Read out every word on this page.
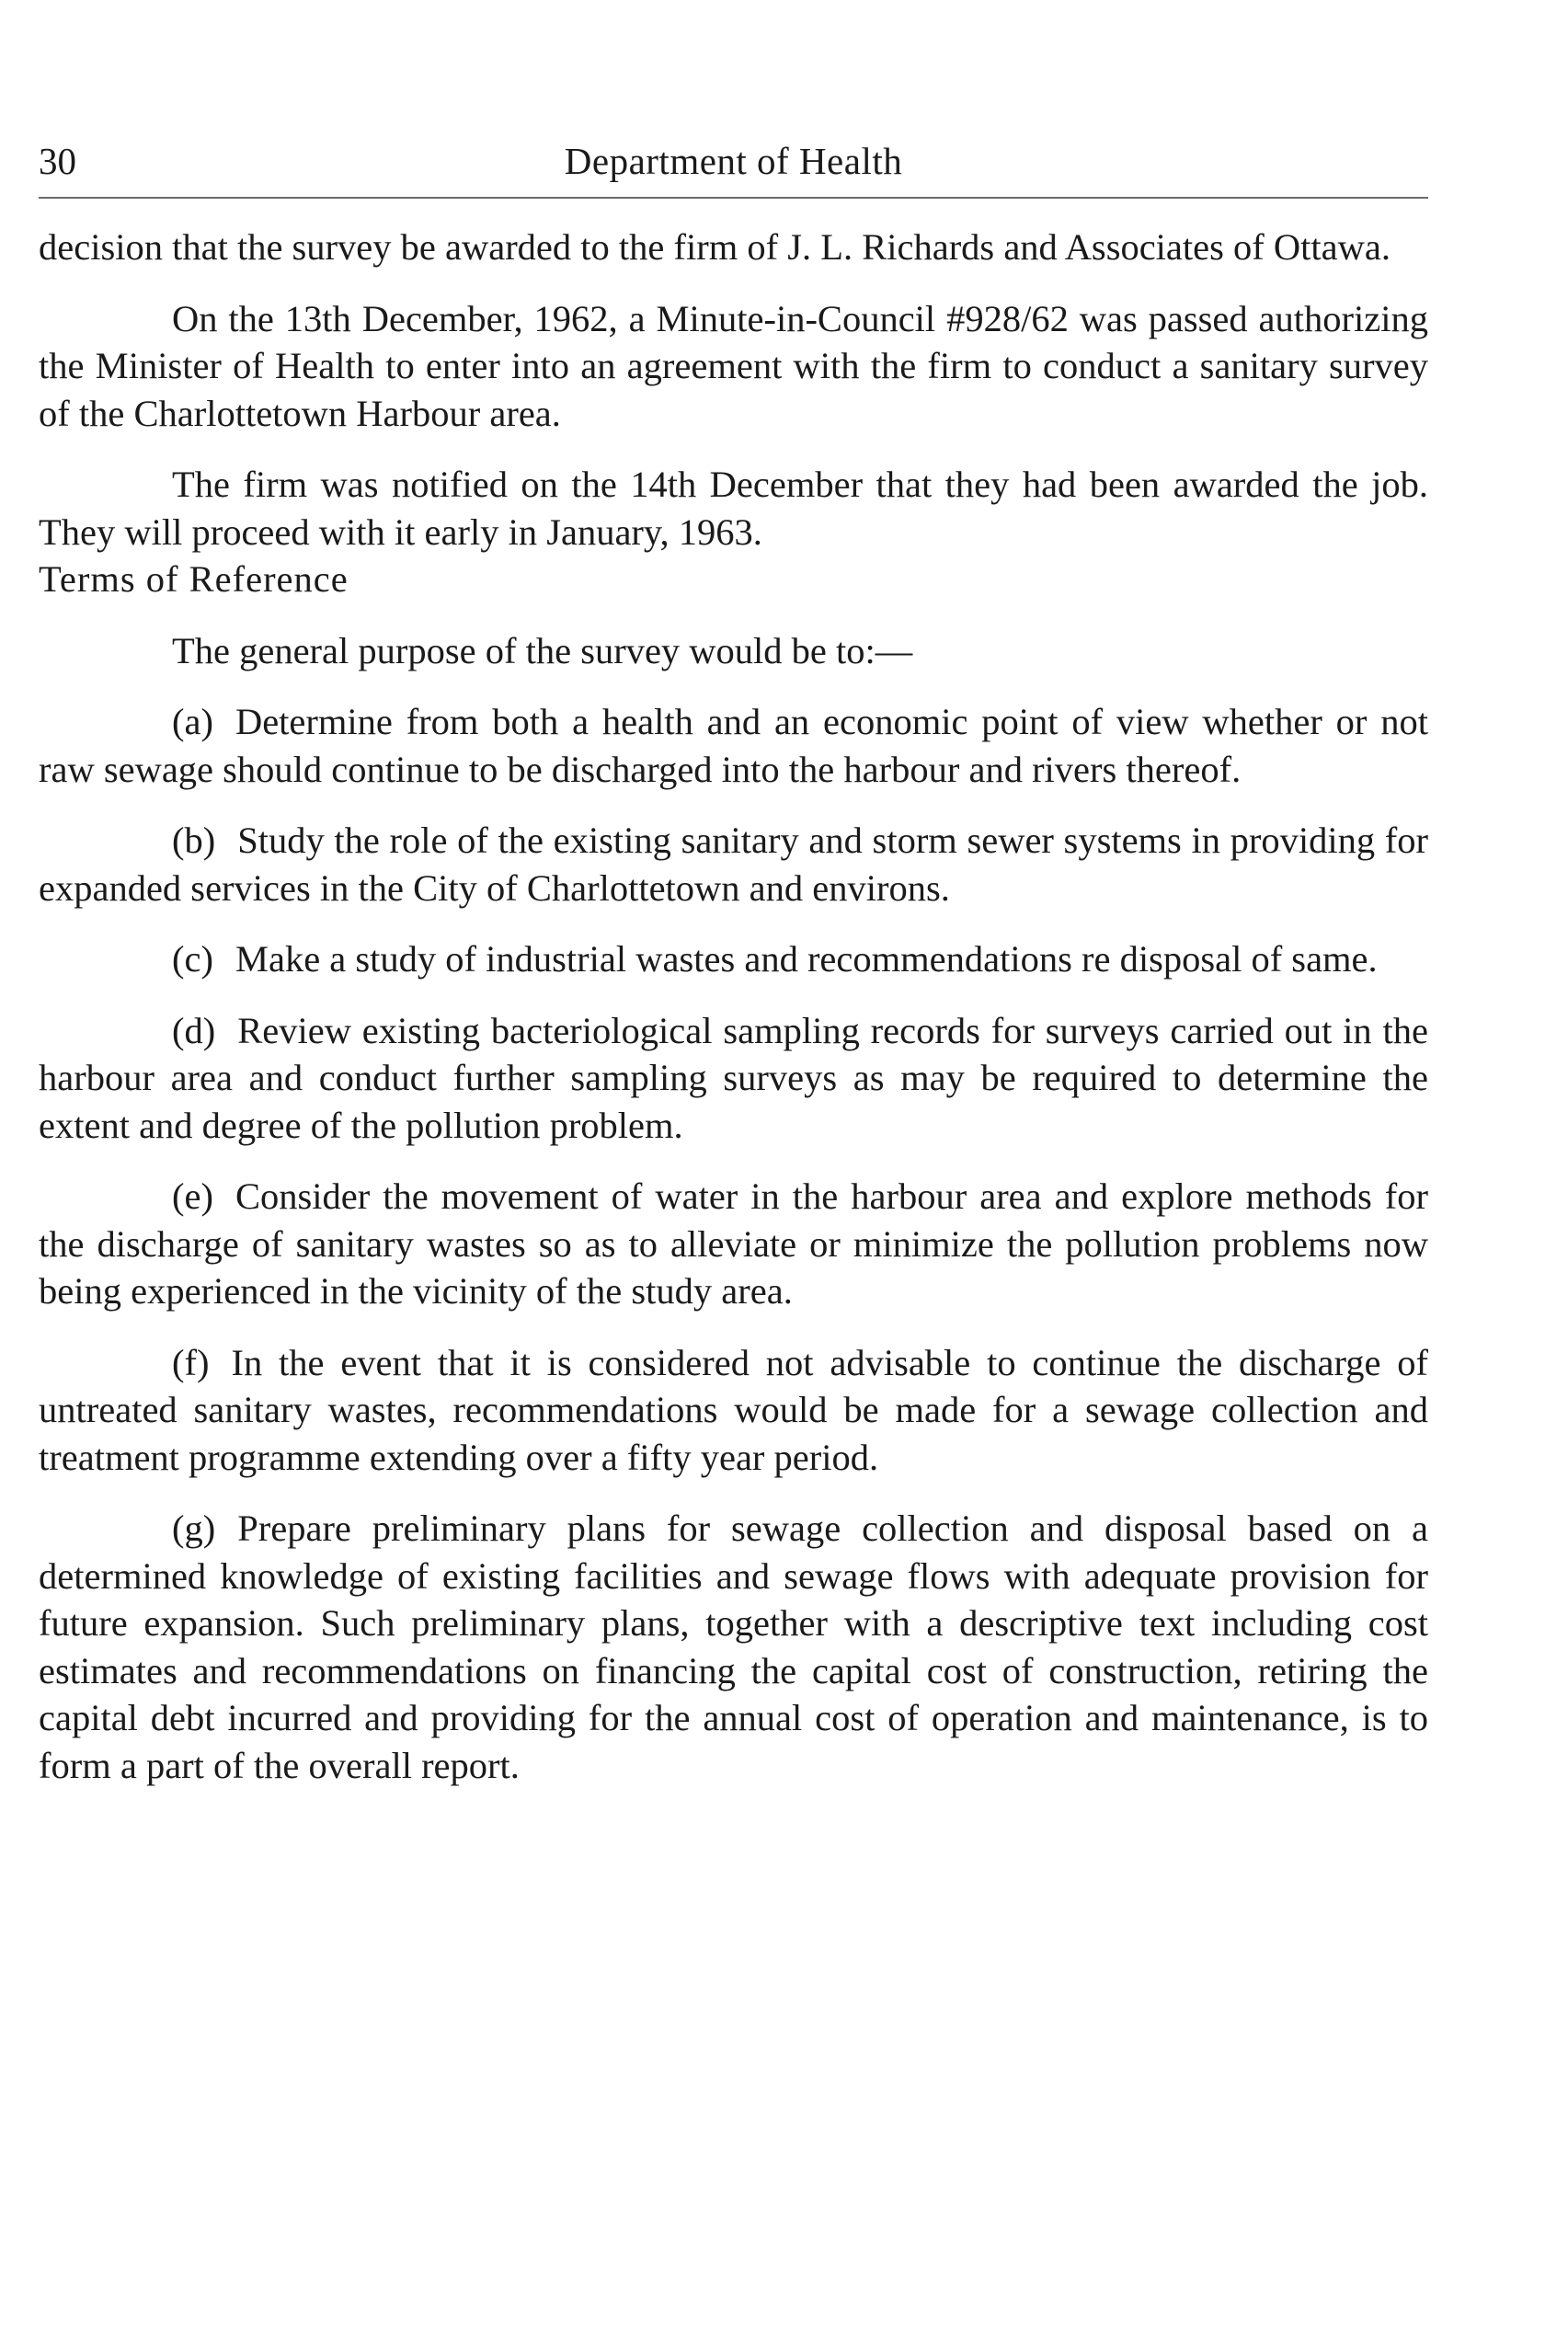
30	Department of Health

decision that the survey be awarded to the firm of J. L. Richards and Associates of Ottawa.

On the 13th December, 1962, a Minute-in-Council #928/62 was passed authorizing the Minister of Health to enter into an agreement with the firm to conduct a sanitary survey of the Charlottetown Harbour area.

The firm was notified on the 14th December that they had been awarded the job. They will proceed with it early in January, 1963.

Terms of Reference

The general purpose of the survey would be to:—

(a) Determine from both a health and an economic point of view whether or not raw sewage should continue to be discharged into the harbour and rivers thereof.

(b) Study the role of the existing sanitary and storm sewer systems in providing for expanded services in the City of Charlottetown and environs.

(c) Make a study of industrial wastes and recommendations re disposal of same.

(d) Review existing bacteriological sampling records for surveys carried out in the harbour area and conduct further sampling surveys as may be required to determine the extent and degree of the pollution problem.

(e) Consider the movement of water in the harbour area and explore methods for the discharge of sanitary wastes so as to alleviate or minimize the pollution problems now being experienced in the vicinity of the study area.

(f) In the event that it is considered not advisable to continue the discharge of untreated sanitary wastes, recommendations would be made for a sewage collection and treatment programme extending over a fifty year period.

(g) Prepare preliminary plans for sewage collection and disposal based on a determined knowledge of existing facilities and sewage flows with adequate provision for future expansion. Such preliminary plans, together with a descriptive text including cost estimates and recommendations on financing the capital cost of construction, retiring the capital debt incurred and providing for the annual cost of operation and maintenance, is to form a part of the overall report.
